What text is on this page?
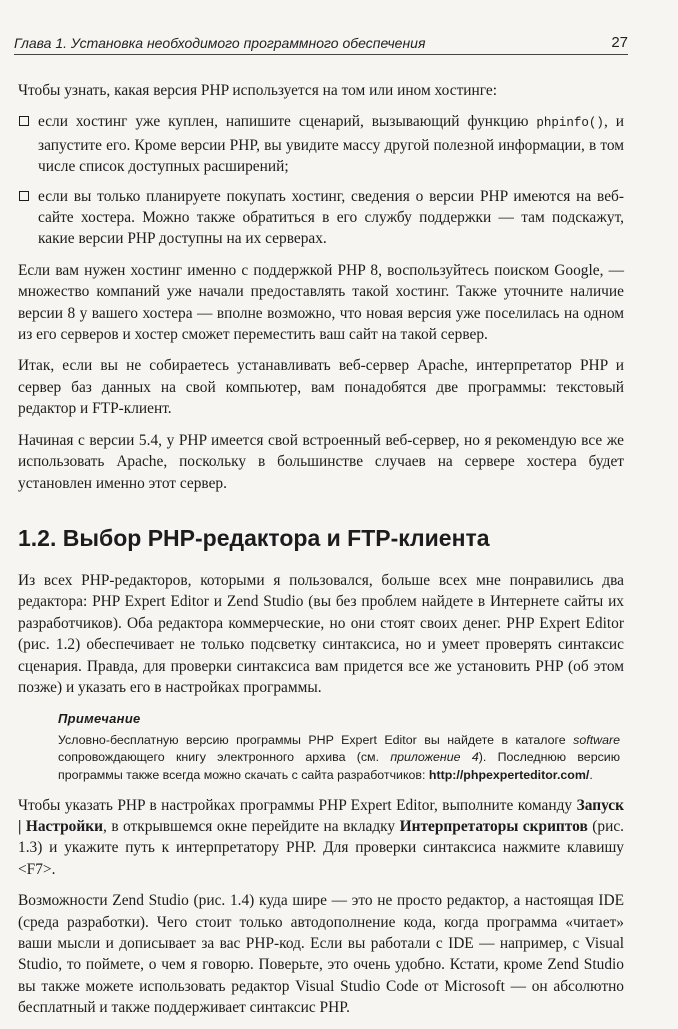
Глава 1. Установка необходимого программного обеспечения	27

Чтобы узнать, какая версия PHP используется на том или ином хостинге:

если хостинг уже куплен, напишите сценарий, вызывающий функцию phpinfo(), и запустите его. Кроме версии PHP, вы увидите массу другой полезной информации, в том числе список доступных расширений;
если вы только планируете покупать хостинг, сведения о версии PHP имеются на веб-сайте хостера. Можно также обратиться в его службу поддержки — там подскажут, какие версии PHP доступны на их серверах.

Если вам нужен хостинг именно с поддержкой PHP 8, воспользуйтесь поиском Google, — множество компаний уже начали предоставлять такой хостинг. Также уточните наличие версии 8 у вашего хостера — вполне возможно, что новая версия уже поселилась на одном из его серверов и хостер сможет переместить ваш сайт на такой сервер.

Итак, если вы не собираетесь устанавливать веб-сервер Apache, интерпретатор PHP и сервер баз данных на свой компьютер, вам понадобятся две программы: текстовый редактор и FTP-клиент.

Начиная с версии 5.4, у PHP имеется свой встроенный веб-сервер, но я рекомендую все же использовать Apache, поскольку в большинстве случаев на сервере хостера будет установлен именно этот сервер.

1.2. Выбор PHP-редактора и FTP-клиента

Из всех PHP-редакторов, которыми я пользовался, больше всех мне понравились два редактора: PHP Expert Editor и Zend Studio (вы без проблем найдете в Интернете сайты их разработчиков). Оба редактора коммерческие, но они стоят своих денег. PHP Expert Editor (рис. 1.2) обеспечивает не только подсветку синтаксиса, но и умеет проверять синтаксис сценария. Правда, для проверки синтаксиса вам придется все же установить PHP (об этом позже) и указать его в настройках программы.

Примечание
Условно-бесплатную версию программы PHP Expert Editor вы найдете в каталоге software сопровождающего книгу электронного архива (см. приложение 4). Последнюю версию программы также всегда можно скачать с сайта разработчиков: http://phpexperteditor.com/.

Чтобы указать PHP в настройках программы PHP Expert Editor, выполните команду Запуск | Настройки, в открывшемся окне перейдите на вкладку Интерпретаторы скриптов (рис. 1.3) и укажите путь к интерпретатору PHP. Для проверки синтаксиса нажмите клавишу <F7>.

Возможности Zend Studio (рис. 1.4) куда шире — это не просто редактор, а настоящая IDE (среда разработки). Чего стоит только автодополнение кода, когда программа «читает» ваши мысли и дописывает за вас PHP-код. Если вы работали с IDE — например, с Visual Studio, то поймете, о чем я говорю. Поверьте, это очень удобно. Кстати, кроме Zend Studio вы также можете использовать редактор Visual Studio Code от Microsoft — он абсолютно бесплатный и также поддерживает синтаксис PHP.
